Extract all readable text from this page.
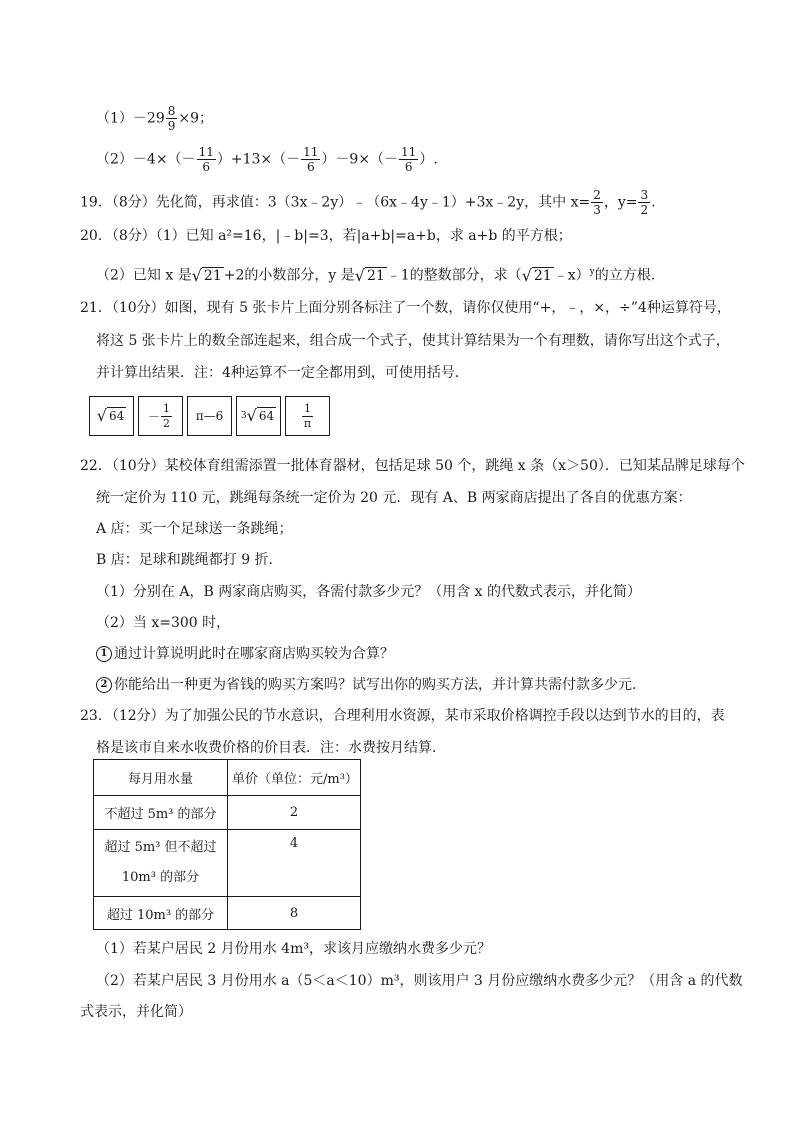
$(1)-29 \frac{8}{9} \times 9$；
$(2)-4\times(- \frac{11}{6} )+13\times(- \frac{11}{6} )-9\times(- \frac{11}{6}$ ）.
19．（8分）先化简，再求值：3（3x﹣2y）﹣（6x﹣4y﹣1）+3x﹣2y，其中 $x= \frac{2}{3}$ ，$y= \frac{3}{2}$ .
20．（8分）（1）已知 a²=16，|﹣b|=3，若|a+b|=a+b，求 a+b 的平方根；
（2）已知 x 是 √ 21 +2的小数部分，y 是 √ 21 ﹣1的整数部分，求（ √ 21 ﹣x）$^y$的立方根.
21．（10分）如图，现有 5 张卡片上面分别各标注了一个数，请你仅使用“+，﹣，×，÷”4种运算符号，
将这 5 张卡片上的数全部连起来，组合成一个式子，使其计算结果为一个有理数，请你写出这个式子，
并计算出结果．注：4种运算不一定全都用到，可使用括号．
√ $64 - \frac{1}{2}$ π—6 3 √ 64	$\frac{1}{\pi}$
22．（10分）某校体育组需添置一批体育器材，包括足球 50 个，跳绳 x 条（x＞50）．已知某品牌足球每个
统一定价为 110 元，跳绳每条统一定价为 20 元．现有 A、B 两家商店提出了各自的优惠方案：
A 店：买一个足球送一条跳绳；
B 店：足球和跳绳都打 9 折．
（1）分别在 A，B 两家商店购买，各需付款多少元？（用含 x 的代数式表示，并化简）
（2）当 x=300 时，
1 通过计算说明此时在哪家商店购买较为合算？
2 你能给出一种更为省钱的购买方案吗？试写出你的购买方法，并计算共需付款多少元．
23．（12分）为了加强公民的节水意识，合理利用水资源，某市采取价格调控手段以达到节水的目的，表
格是该市自来水收费价格的价目表．注：水费按月结算．
每月用水量	单价（单位：元/m³）
不超过 5m³ 的部分	2

超过 5m³ 但不超过
10m³ 的部分	4
超过 10m³ 的部分	8
（1）若某户居民 2 月份用水 4m³，求该月应缴纳水费多少元？
（2）若某户居民 3 月份用水 a（5＜a＜10）m³，则该用户 3 月份应缴纳水费多少元？（用含 a 的代数
式表示，并化简）
